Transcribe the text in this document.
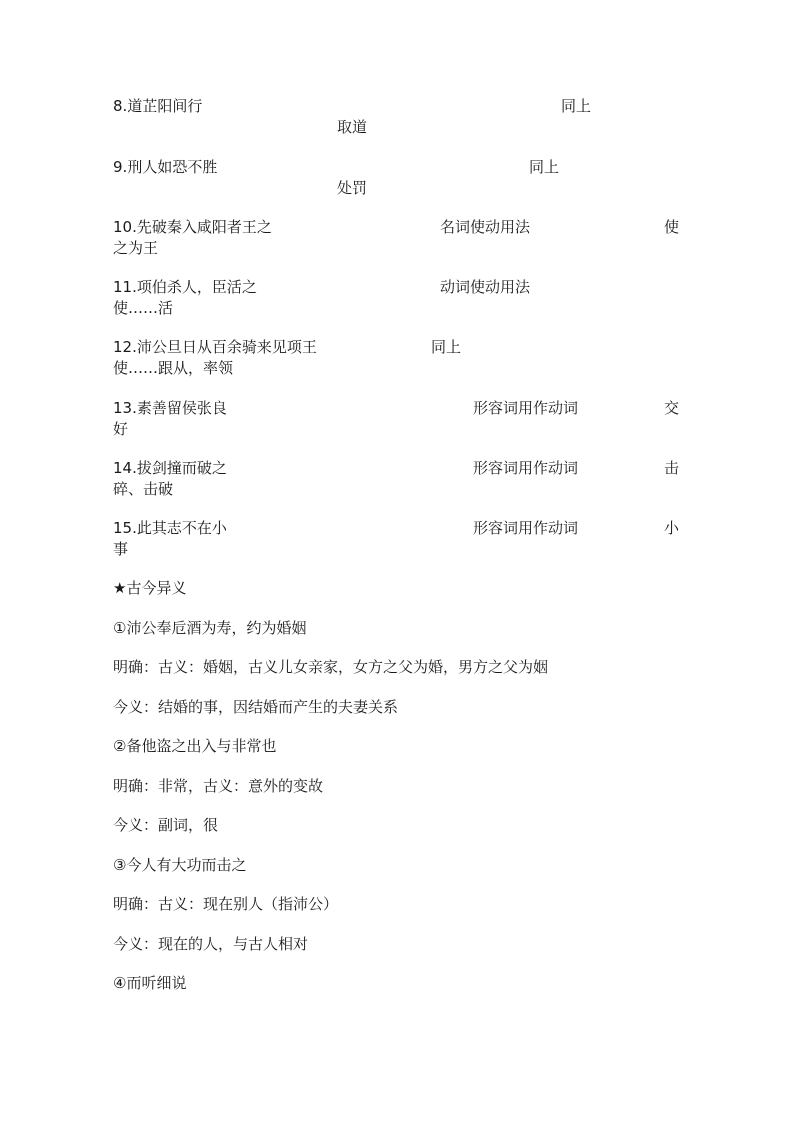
8.道芷阳间行	同上
取道
9.刑人如恐不胜	同上
处罚
10.先破秦入咸阳者王之	名词使动用法	使
之为王
11.项伯杀人，臣活之	动词使动用法
使……活
12.沛公旦日从百余骑来见项王	同上
使……跟从，率领
13.素善留侯张良	形容词用作动词	交
好
14.拔剑撞而破之	形容词用作动词	击
碎、击破
15.此其志不在小	形容词用作动词	小
事
★古今异义
①沛公奉卮酒为寿，约为婚姻
明确：古义：婚姻，古义儿女亲家，女方之父为婚，男方之父为姻
今义：结婚的事，因结婚而产生的夫妻关系
②备他盗之出入与非常也
明确：非常，古义：意外的变故
今义：副词，很
③今人有大功而击之
明确：古义：现在别人（指沛公）
今义：现在的人，与古人相对
④而听细说
